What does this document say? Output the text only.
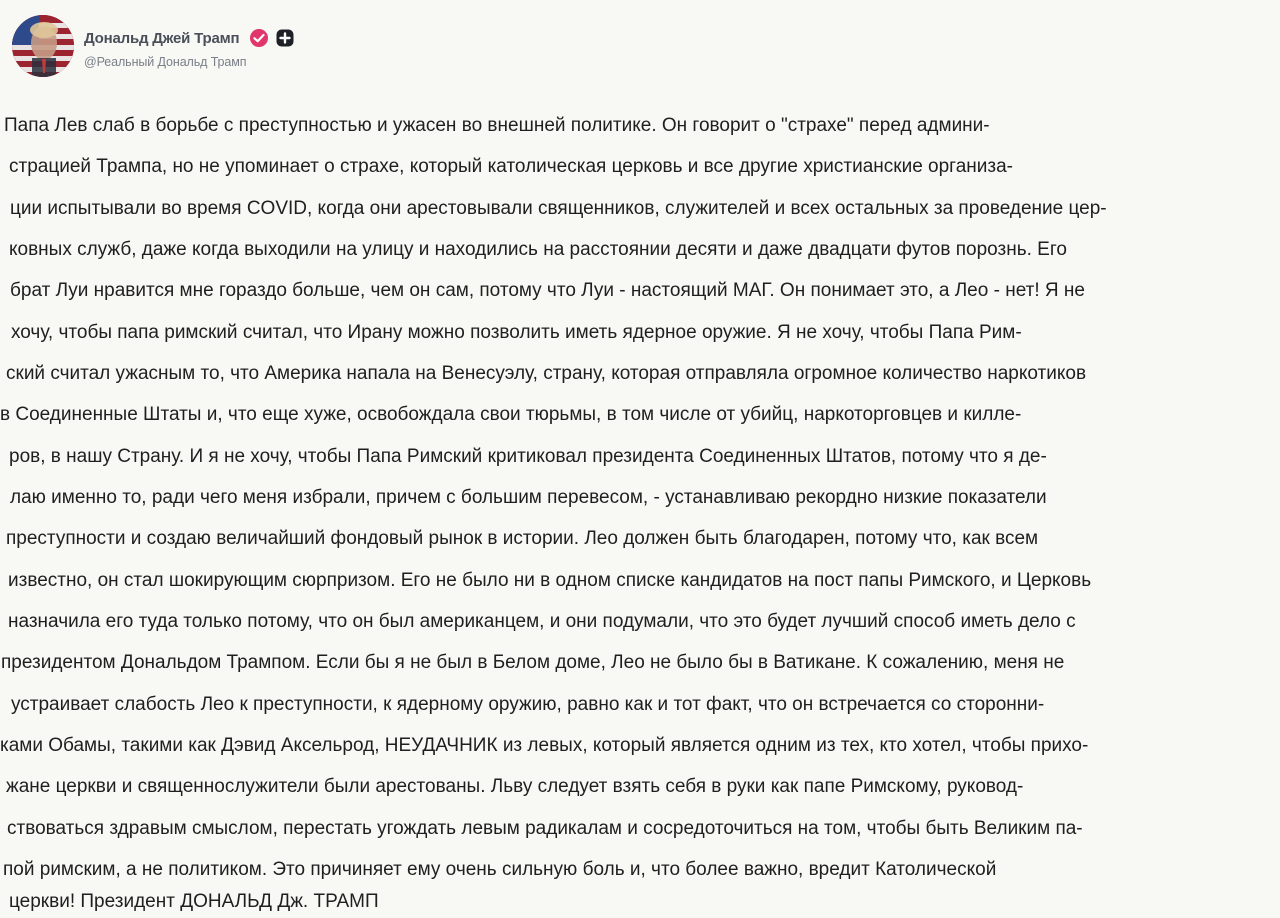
Дональд Джей Трамп
@Реальный Дональд Трамп
Папа Лев слаб в борьбе с преступностью и ужасен во внешней политике. Он говорит о "страхе" перед админи-
страцией Трампа, но не упоминает о страхе, который католическая церковь и все другие христианские организа-
ции испытывали во время COVID, когда они арестовывали священников, служителей и всех остальных за проведение цер-
ковных служб, даже когда выходили на улицу и находились на расстоянии десяти и даже двадцати футов порознь. Его
брат Луи нравится мне гораздо больше, чем он сам, потому что Луи - настоящий МАГ. Он понимает это, а Лео - нет! Я не
хочу, чтобы папа римский считал, что Ирану можно позволить иметь ядерное оружие. Я не хочу, чтобы Папа Рим-
ский считал ужасным то, что Америка напала на Венесуэлу, страну, которая отправляла огромное количество наркотиков
в Соединенные Штаты и, что еще хуже, освобождала свои тюрьмы, в том числе от убийц, наркоторговцев и килле-
ров, в нашу Страну. И я не хочу, чтобы Папа Римский критиковал президента Соединенных Штатов, потому что я де-
лаю именно то, ради чего меня избрали, причем с большим перевесом, - устанавливаю рекордно низкие показатели
преступности и создаю величайший фондовый рынок в истории. Лео должен быть благодарен, потому что, как всем
известно, он стал шокирующим сюрпризом. Его не было ни в одном списке кандидатов на пост папы Римского, и Церковь
назначила его туда только потому, что он был американцем, и они подумали, что это будет лучший способ иметь дело с
президентом Дональдом Трампом. Если бы я не был в Белом доме, Лео не было бы в Ватикане. К сожалению, меня не
устраивает слабость Лео к преступности, к ядерному оружию, равно как и тот факт, что он встречается со сторонни-
ками Обамы, такими как Дэвид Аксельрод, НЕУДАЧНИК из левых, который является одним из тех, кто хотел, чтобы прихо-
жане церкви и священнослужители были арестованы. Льву следует взять себя в руки как папе Римскому, руковод-
ствоваться здравым смыслом, перестать угождать левым радикалам и сосредоточиться на том, чтобы быть Великим па-
пой римским, а не политиком. Это причиняет ему очень сильную боль и, что более важно, вредит Католической
церкви! Президент ДОНАЛЬД Дж. ТРАМП
